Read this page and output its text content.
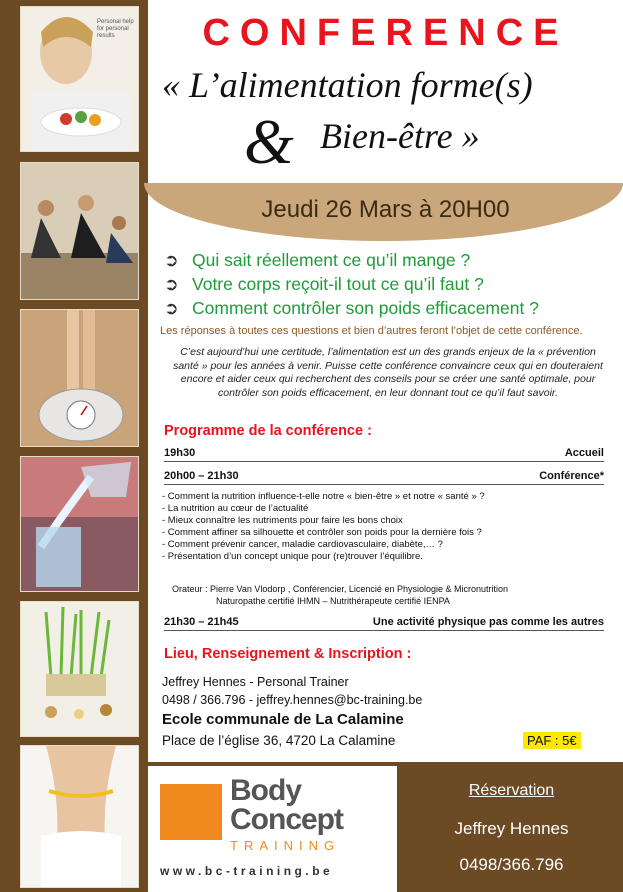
Personal help for personal results	CONFERENCE
« L’alimentation forme(s)
& Bien-être »
Jeudi 26 Mars à 20H00
➲ Qui sait réellement ce qu’il mange ?
➲ Votre corps reçoit-il tout ce qu’il faut ?
➲ Comment contrôler son poids efficacement ?
Les réponses à toutes ces questions et bien d’autres feront l’objet de cette conférence.
C’est aujourd’hui une certitude, l’alimentation est un des grands enjeux de la « prévention santé » pour les années à venir. Puisse cette conférence convaincre ceux qui en douteraient encore et aider ceux qui recherchent des conseils pour se créer une santé optimale, pour contrôler son poids efficacement, en leur donnant tout ce qu’il faut savoir.
Programme de la conférence :
19h30	Accueil
20h00 – 21h30	Conférence*
- Comment la nutrition influence-t-elle notre « bien-être » et notre « santé » ?
- La nutrition au cœur de l’actualité
- Mieux connaître les nutriments pour faire les bons choix
- Comment affiner sa silhouette et contrôler son poids pour la dernière fois ?
- Comment prévenir cancer, maladie cardiovasculaire, diabète,… ?
- Présentation d’un concept unique pour (re)trouver l’équilibre.
Orateur : Pierre Van Vlodorp , Conférencier, Licencié en Physiologie & Micronutrition
Naturopathe certifié IHMN – Nutrithérapeute certifié IENPA
21h30 – 21h45	Une activité physique pas comme les autres
Lieu, Renseignement & Inscription :
Jeffrey Hennes - Personal Trainer
0498 / 366.796 - jeffrey.hennes@bc-training.be
Ecole communale de La Calamine
Place de l’église 36, 4720 La Calamine	PAF : 5€
Body
Concept
TRAINING
www.bc-training.be
Réservation
Jeffrey Hennes
0498/366.796
